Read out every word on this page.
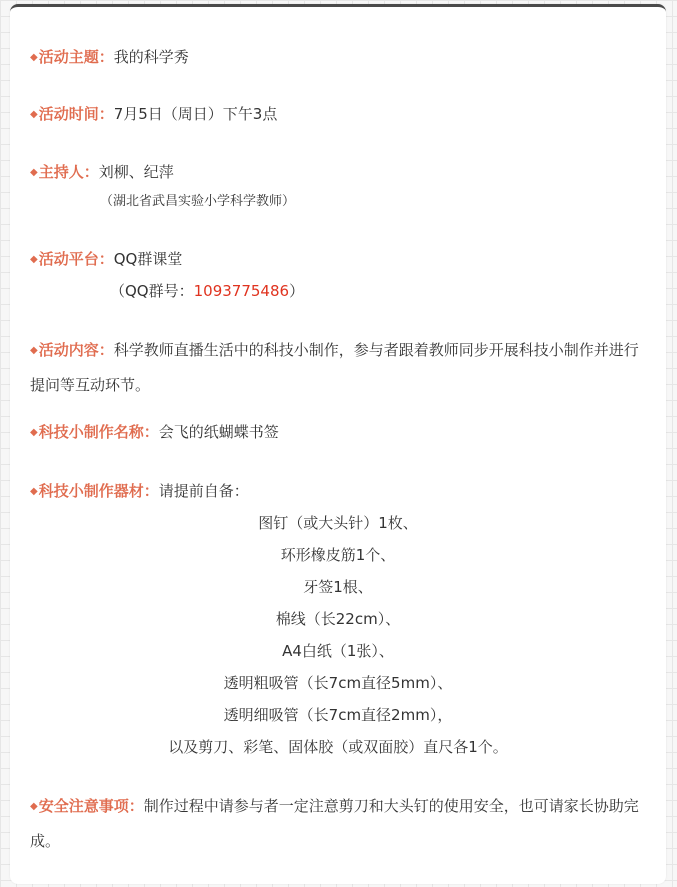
◆活动主题：我的科学秀
◆活动时间：7月5日（周日）下午3点
◆主持人：刘柳、纪萍
（湖北省武昌实验小学科学教师）
◆活动平台：QQ群课堂
（QQ群号：1093775486）
◆活动内容：科学教师直播生活中的科技小制作，参与者跟着教师同步开展科技小制作并进行提问等互动环节。
◆科技小制作名称：会飞的纸蝴蝶书签
◆科技小制作器材：请提前自备：
图钉（或大头针）1枚、
环形橡皮筋1个、
牙签1根、
棉线（长22cm）、
A4白纸（1张）、
透明粗吸管（长7cm直径5mm）、
透明细吸管（长7cm直径2mm），
以及剪刀、彩笔、固体胶（或双面胶）直尺各1个。
◆安全注意事项：制作过程中请参与者一定注意剪刀和大头钉的使用安全，也可请家长协助完成。
